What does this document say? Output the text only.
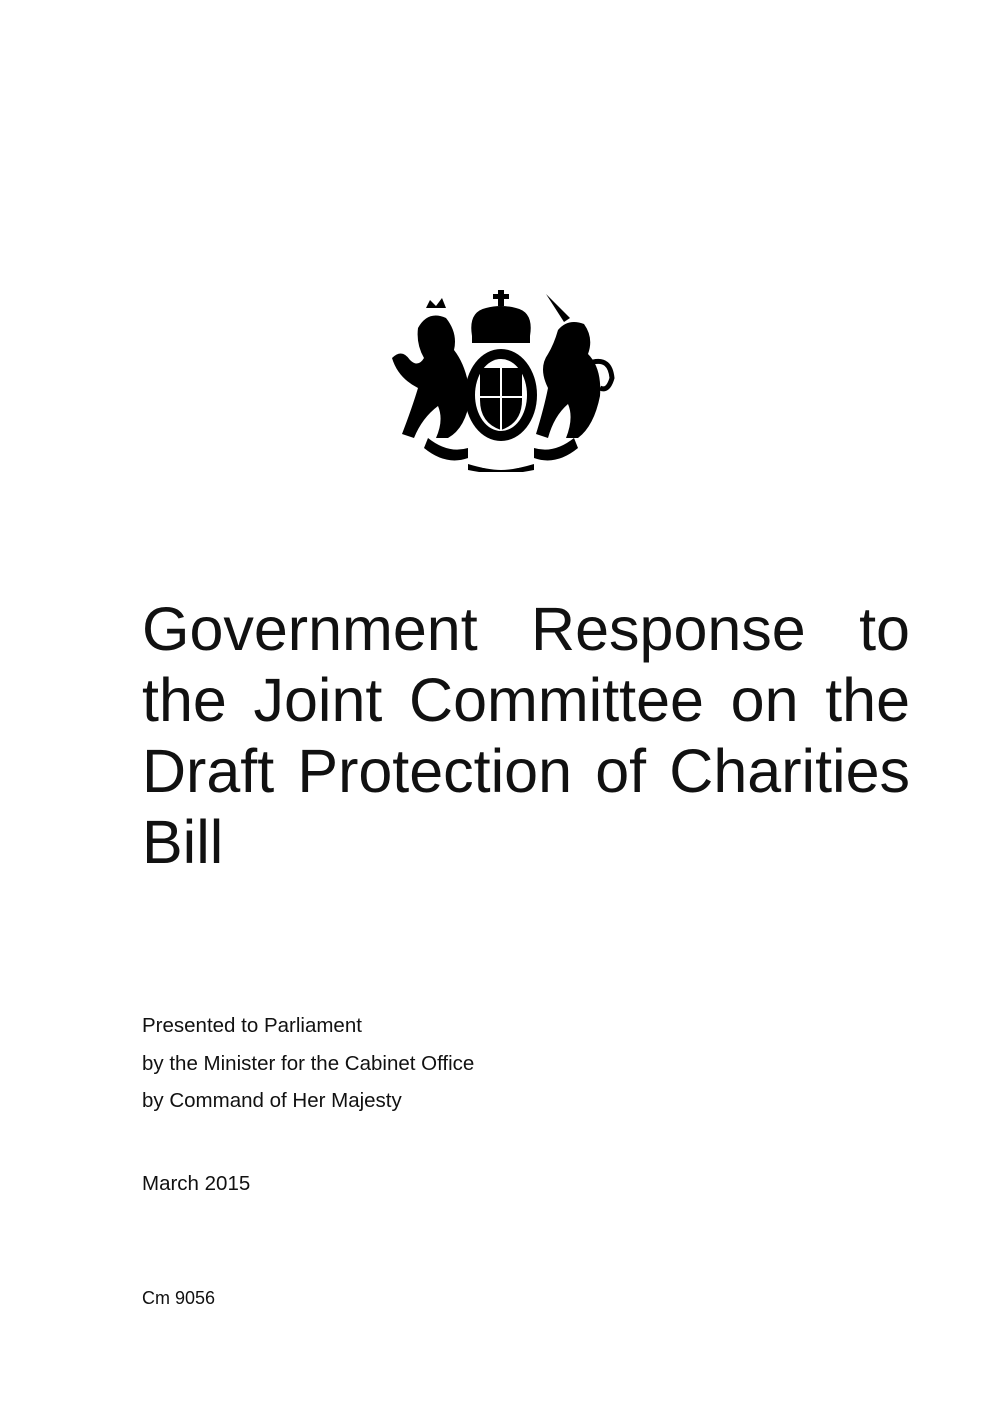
ET MON
Government Response to the Joint Committee on the Draft Protection of Charities Bill
Presented to Parliament
by the Minister for the Cabinet Office
by Command of Her Majesty
March 2015
Cm 9056
